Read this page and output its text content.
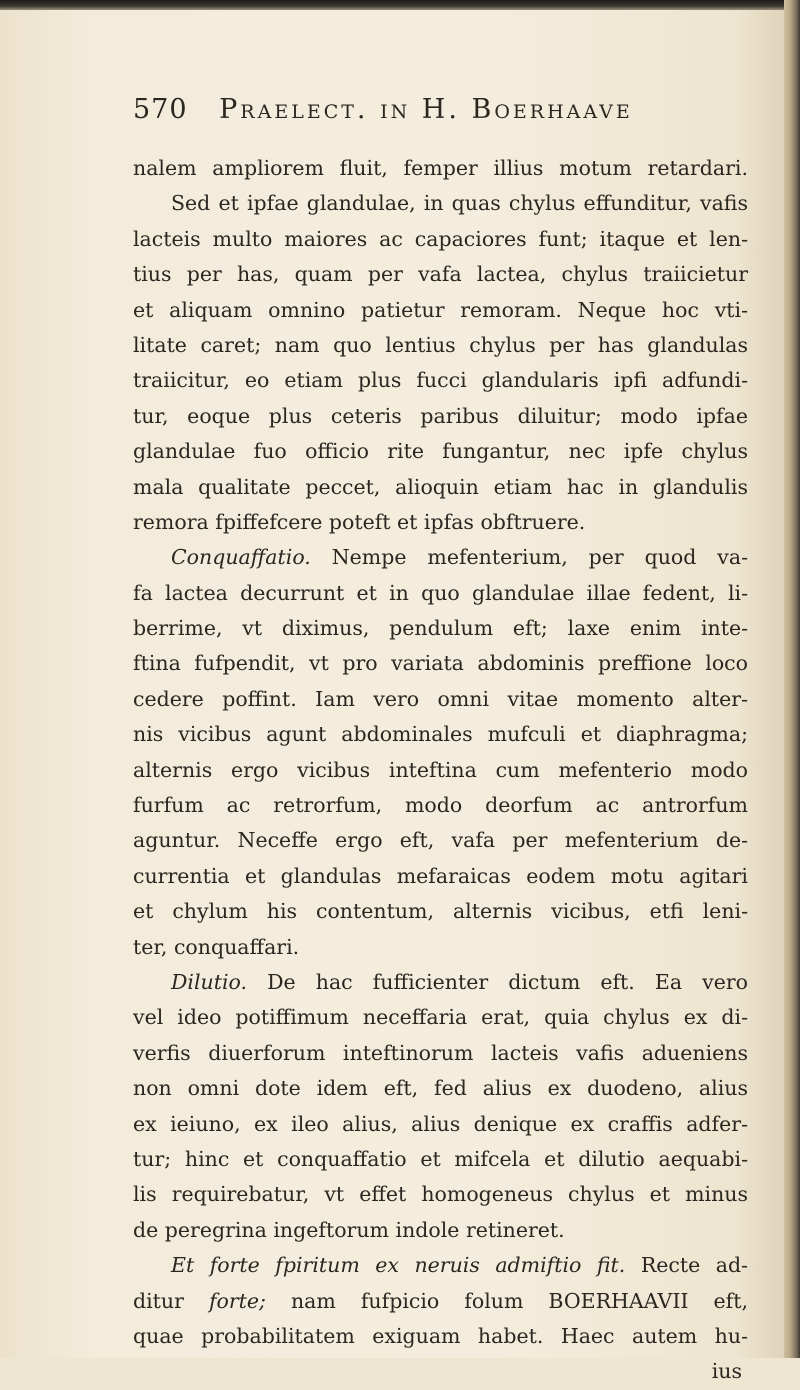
570 Praelect. in H. Boerhaave
nalem ampliorem fluit, femper illius motum retardari.
Sed et ipfae glandulae, in quas chylus effunditur, vafis
lacteis multo maiores ac capaciores funt; itaque et len-
tius per has, quam per vafa lactea, chylus traiicietur
et aliquam omnino patietur remoram. Neque hoc vti-
litate caret; nam quo lentius chylus per has glandulas
traiicitur, eo etiam plus fucci glandularis ipfi adfundi-
tur, eoque plus ceteris paribus diluitur; modo ipfae
glandulae fuo officio rite fungantur, nec ipfe chylus
mala qualitate peccet, alioquin etiam hac in glandulis
remora fpiffefcere poteft et ipfas obftruere.
Conquaffatio. Nempe mefenterium, per quod va-
fa lactea decurrunt et in quo glandulae illae fedent, li-
berrime, vt diximus, pendulum eft; laxe enim inte-
ftina fufpendit, vt pro variata abdominis preffione loco
cedere poffint. Iam vero omni vitae momento alter-
nis vicibus agunt abdominales mufculi et diaphragma;
alternis ergo vicibus inteftina cum mefenterio modo
furfum ac retrorfum, modo deorfum ac antrorfum
aguntur. Neceffe ergo eft, vafa per mefenterium de-
currentia et glandulas mefaraicas eodem motu agitari
et chylum his contentum, alternis vicibus, etfi leni-
ter, conquaffari.
Dilutio. De hac fufficienter dictum eft. Ea vero
vel ideo potiffimum neceffaria erat, quia chylus ex di-
verfis diuerforum inteftinorum lacteis vafis adueniens
non omni dote idem eft, fed alius ex duodeno, alius
ex ieiuno, ex ileo alius, alius denique ex craffis adfer-
tur; hinc et conquaffatio et mifcela et dilutio aequabi-
lis requirebatur, vt effet homogeneus chylus et minus
de peregrina ingeftorum indole retineret.
Et forte fpiritum ex neruis admiftio fit. Recte ad-
ditur forte; nam fufpicio folum BOERHAAVII eft,
quae probabilitatem exiguam habet. Haec autem hu-
ius
